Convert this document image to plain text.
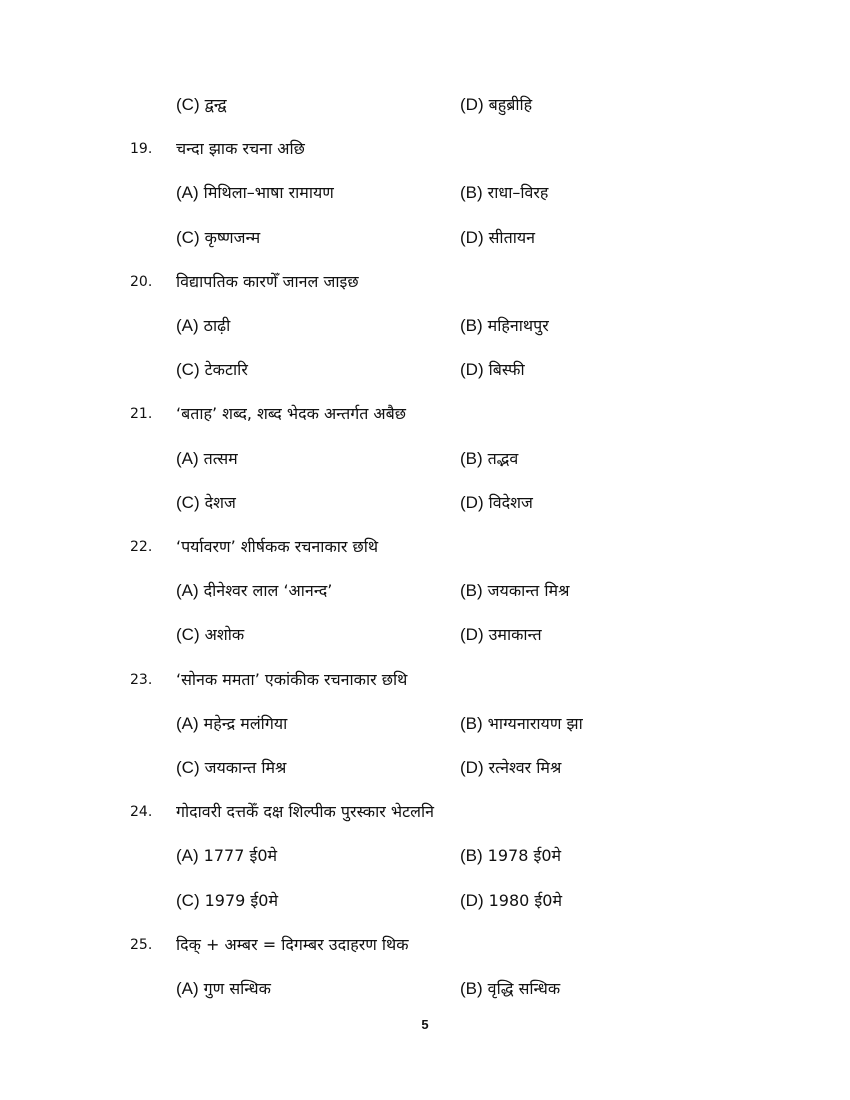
(C) द्वन्द्व	(D) बहुब्रीहि
19. चन्दा झाक रचना अछि
(A) मिथिला–भाषा रामायण	(B) राधा–विरह
(C) कृष्णजन्म	(D) सीतायन
20. विद्यापतिक कारणेँ जानल जाइछ
(A) ठाढ़ी	(B) महिनाथपुर
(C) टेकटारि	(D) बिस्फी
21. ‘बताह’ शब्द, शब्द भेदक अन्तर्गत अबैछ
(A) तत्सम	(B) तद्भव
(C) देशज	(D) विदेशज
22. ‘पर्यावरण’ शीर्षकक रचनाकार छथि
(A) दीनेश्वर लाल ‘आनन्द’	(B) जयकान्त मिश्र
(C) अशोक	(D) उमाकान्त
23. ‘सोनक ममता’ एकांकीक रचनाकार छथि
(A) महेन्द्र मलंगिया	(B) भाग्यनारायण झा
(C) जयकान्त मिश्र	(D) रत्नेश्वर मिश्र
24. गोदावरी दत्तकेँ दक्ष शिल्पीक पुरस्कार भेटलनि
(A) 1777 ई0मे	(B) 1978 ई0मे
(C) 1979 ई0मे	(D) 1980 ई0मे
25. दिक् + अम्बर = दिगम्बर उदाहरण थिक
(A) गुण सन्धिक	(B) वृद्धि सन्धिक
5
